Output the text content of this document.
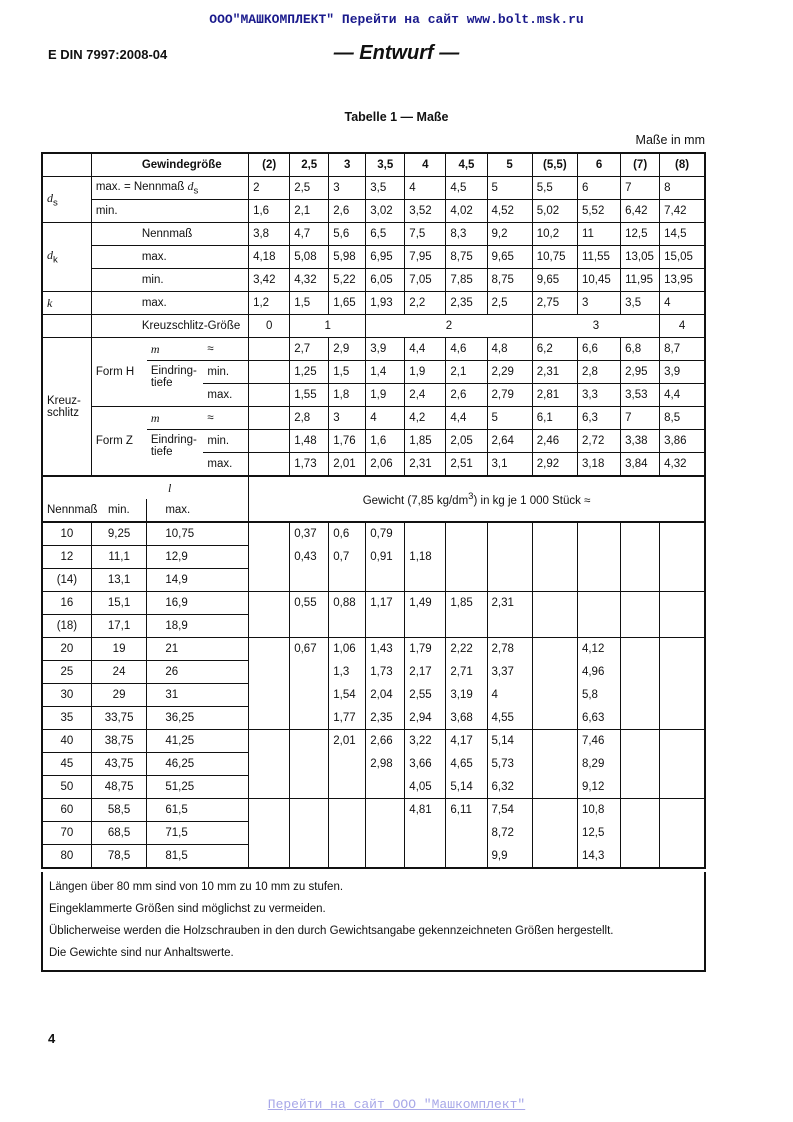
ООО"МАШКОМПЛЕКТ" Перейти на сайт www.bolt.msk.ru
E DIN 7997:2008-04	— Entwurf —
Tabelle 1 — Maße
Maße in mm
	Gewindegröße			(2)	2,5	3	3,5	4	4,5	5	(5,5)	6	(7)	(8)
$d_s$	max. = Nennmaß $d_s$			2	2,5	3	3,5	4	4,5	5	5,5	6	7	8
	min.			1,6	2,1	2,6	3,02	3,52	4,02	4,52	5,02	5,52	6,42	7,42
$d_k$	Nennmaß			3,8	4,7	5,6	6,5	7,5	8,3	9,2	10,2	11	12,5	14,5
	max.			4,18	5,08	5,98	6,95	7,95	8,75	9,65	10,75	11,55	13,05	15,05
	min.			3,42	4,32	5,22	6,05	7,05	7,85	8,75	9,65	10,45	11,95	13,95
k	max.			1,2	1,5	1,65	1,93	2,2	2,35	2,5	2,75	3	3,5	4
	Kreuzschlitz-Größe			0	1		2				3			4
Kreuz-
schlitz	Form H	m	≈		2,7	2,9	3,9	4,4	4,6	4,8	6,2	6,6	6,8	8,7
		Eindring-
tiefe	min.		1,25	1,5	1,4	1,9	2,1	2,29	2,31	2,8	2,95	3,9
			max.		1,55	1,8	1,9	2,4	2,6	2,79	2,81	3,3	3,53	4,4
	Form Z	m	≈		2,8	3	4	4,2	4,4	5	6,1	6,3	7	8,5
		Eindring-
tiefe	min.		1,48	1,76	1,6	1,85	2,05	2,64	2,46	2,72	3,38	3,86
			max.		1,73	2,01	2,06	2,31	2,51	3,1	2,92	3,18	3,84	4,32
	l			Gewicht (7,85 $kg/dm^3$) in kg je 1 000 Stück ≈										
Nennmaß	min.	max.												
10	9,25	10,75			0,37	0,6	0,79							
12	11,1	12,9			0,43	0,7	0,91	1,18						
(14)	13,1	14,9												
16	15,1	16,9			0,55	0,88	1,17	1,49	1,85	2,31				
(18)	17,1	18,9												
20	19	21			0,67	1,06	1,43	1,79	2,22	2,78		4,12		
25	24	26				1,3	1,73	2,17	2,71	3,37		4,96		
30	29	31				1,54	2,04	2,55	3,19	4		5,8		
35	33,75	36,25				1,77	2,35	2,94	3,68	4,55		6,63		
40	38,75	41,25				2,01	2,66	3,22	4,17	5,14		7,46		
45	43,75	46,25					2,98	3,66	4,65	5,73		8,29		
50	48,75	51,25						4,05	5,14	6,32		9,12		
60	58,5	61,5						4,81	6,11	7,54		10,8		
70	68,5	71,5								8,72		12,5		
80	78,5	81,5								9,9		14,3		
Längen über 80 mm sind von 10 mm zu 10 mm zu stufen.
Eingeklammerte Größen sind möglichst zu vermeiden.
Üblicherweise werden die Holzschrauben in den durch Gewichtsangabe gekennzeichneten Größen hergestellt.
Die Gewichte sind nur Anhaltswerte.
4
Перейти на сайт ООО "Машкомплект"
